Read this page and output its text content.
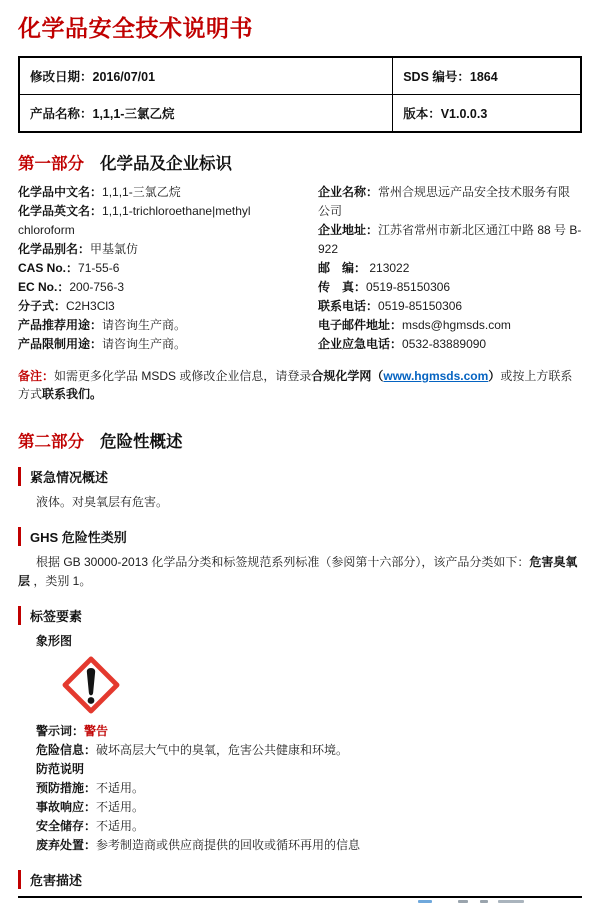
化学品安全技术说明书
修改日期：2016/07/01	SDS 编号：1864
产品名称：1,1,1-三氯乙烷	版本：V1.0.0.3
第一部分 化学品及企业标识
化学品中文名：1,1,1-三氯乙烷
化学品英文名：1,1,1-trichloroethane|methyl chloroform
化学品别名：甲基氯仿
CAS No.：71-55-6
EC No.：200-756-3
分子式：C2H3Cl3
产品推荐用途：请咨询生产商。
产品限制用途：请咨询生产商。
企业名称：常州合规思远产品安全技术服务有限公司
企业地址：江苏省常州市新北区通江中路 88 号 B-922
邮　编： 213022
传　真：0519-85150306
联系电话：0519-85150306
电子邮件地址：msds@hgmsds.com
企业应急电话：0532-83889090
备注：如需更多化学品 MSDS 或修改企业信息，请登录合规化学网（www.hgmsds.com）或按上方联系方式联系我们。
第二部分 危险性概述
紧急情况概述
液体。对臭氧层有危害。
GHS 危险性类别
根据 GB 30000-2013 化学品分类和标签规范系列标准（参阅第十六部分），该产品分类如下：危害臭氧层 ，类别 1。
标签要素
象形图
警示词：警告
危险信息：破坏高层大气中的臭氧，危害公共健康和环境。
防范说明
预防措施：不适用。
事故响应：不适用。
安全储存：不适用。
废弃处置：参考制造商或供应商提供的回收或循环再用的信息
危害描述
